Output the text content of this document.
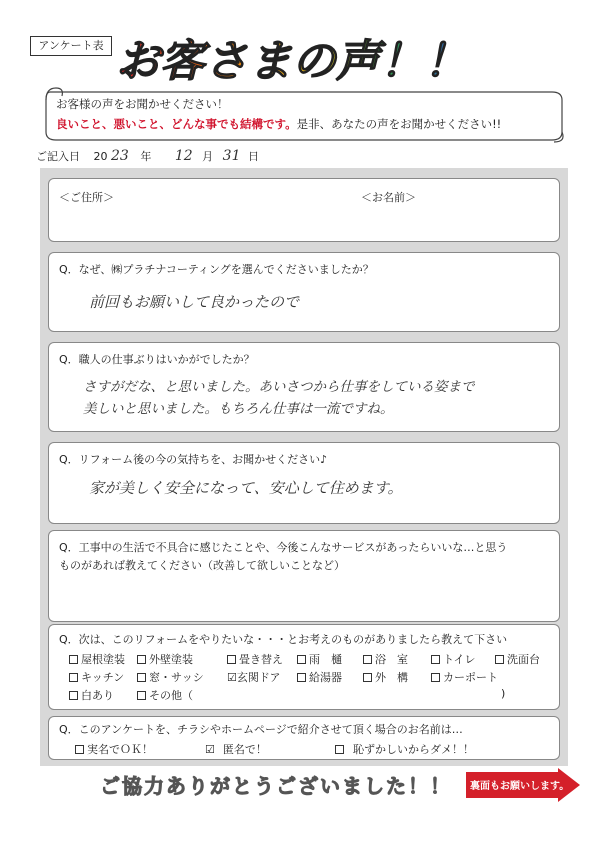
アンケート表 お客さまの声！！
お客様の声をお聞かせください！
良いこと、悪いこと、どんな事でも結構です。是非、あなたの声をお聞かせください!!
ご記入日 20 23 年 12 月 31 日
＜ご住所＞	＜お名前＞
Q．なぜ、㈱プラチナコーティングを選んでくださいましたか？
前回もお願いして良かったので
Q．職人の仕事ぶりはいかがでしたか？
さすがだな、と思いました。あいさつから仕事をしている姿まで
美しいと思いました。もちろん仕事は一流ですね。
Q．リフォーム後の今の気持ちを、お聞かせください♪
家が美しく安全になって、安心して住めます。
Q．工事中の生活で不具合に感じたことや、今後こんなサービスがあったらいいな…と思う
ものがあれば教えてください（改善して欲しいことなど）
Q．次は、このリフォームをやりたいな・・・とお考えのものがありましたら教えて下さい
屋根塗装	外壁塗装	畳き替え	雨　樋	浴　室	トイレ	洗面台
キッチン	窓・サッシ ☑玄関ドア	給湯器	外　構	カーポート
白あり	その他（	)
Q．このアンケートを、チラシやホームページで紹介させて頂く場合のお名前は…
実名でＯＫ！	☑ 匿名で！	恥ずかしいからダメ！！
ご協力ありがとうございました！！ 裏面もお願いします。
